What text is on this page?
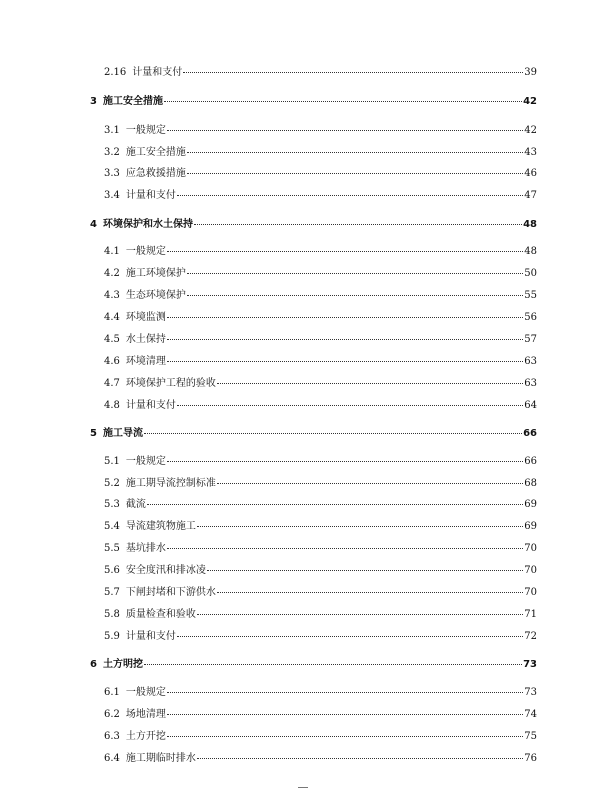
2.16 计量和支付	39
3 施工安全措施	42
3.1 一般规定	42
3.2 施工安全措施	43
3.3 应急救援措施	46
3.4 计量和支付	47
4 环境保护和水土保持	48
4.1 一般规定	48
4.2 施工环境保护	50
4.3 生态环境保护	55
4.4 环境监测	56
4.5 水土保持	57
4.6 环境清理	63
4.7 环境保护工程的验收	63
4.8 计量和支付	64
5 施工导流	66
5.1 一般规定	66
5.2 施工期导流控制标准	68
5.3 截流	69
5.4 导流建筑物施工	69
5.5 基坑排水	70
5.6 安全度汛和排冰凌	70
5.7 下闸封堵和下游供水	70
5.8 质量检查和验收	71
5.9 计量和支付	72
6 土方明挖	73
6.1 一般规定	73
6.2 场地清理	74
6.3 土方开挖	75
6.4 施工期临时排水	76
